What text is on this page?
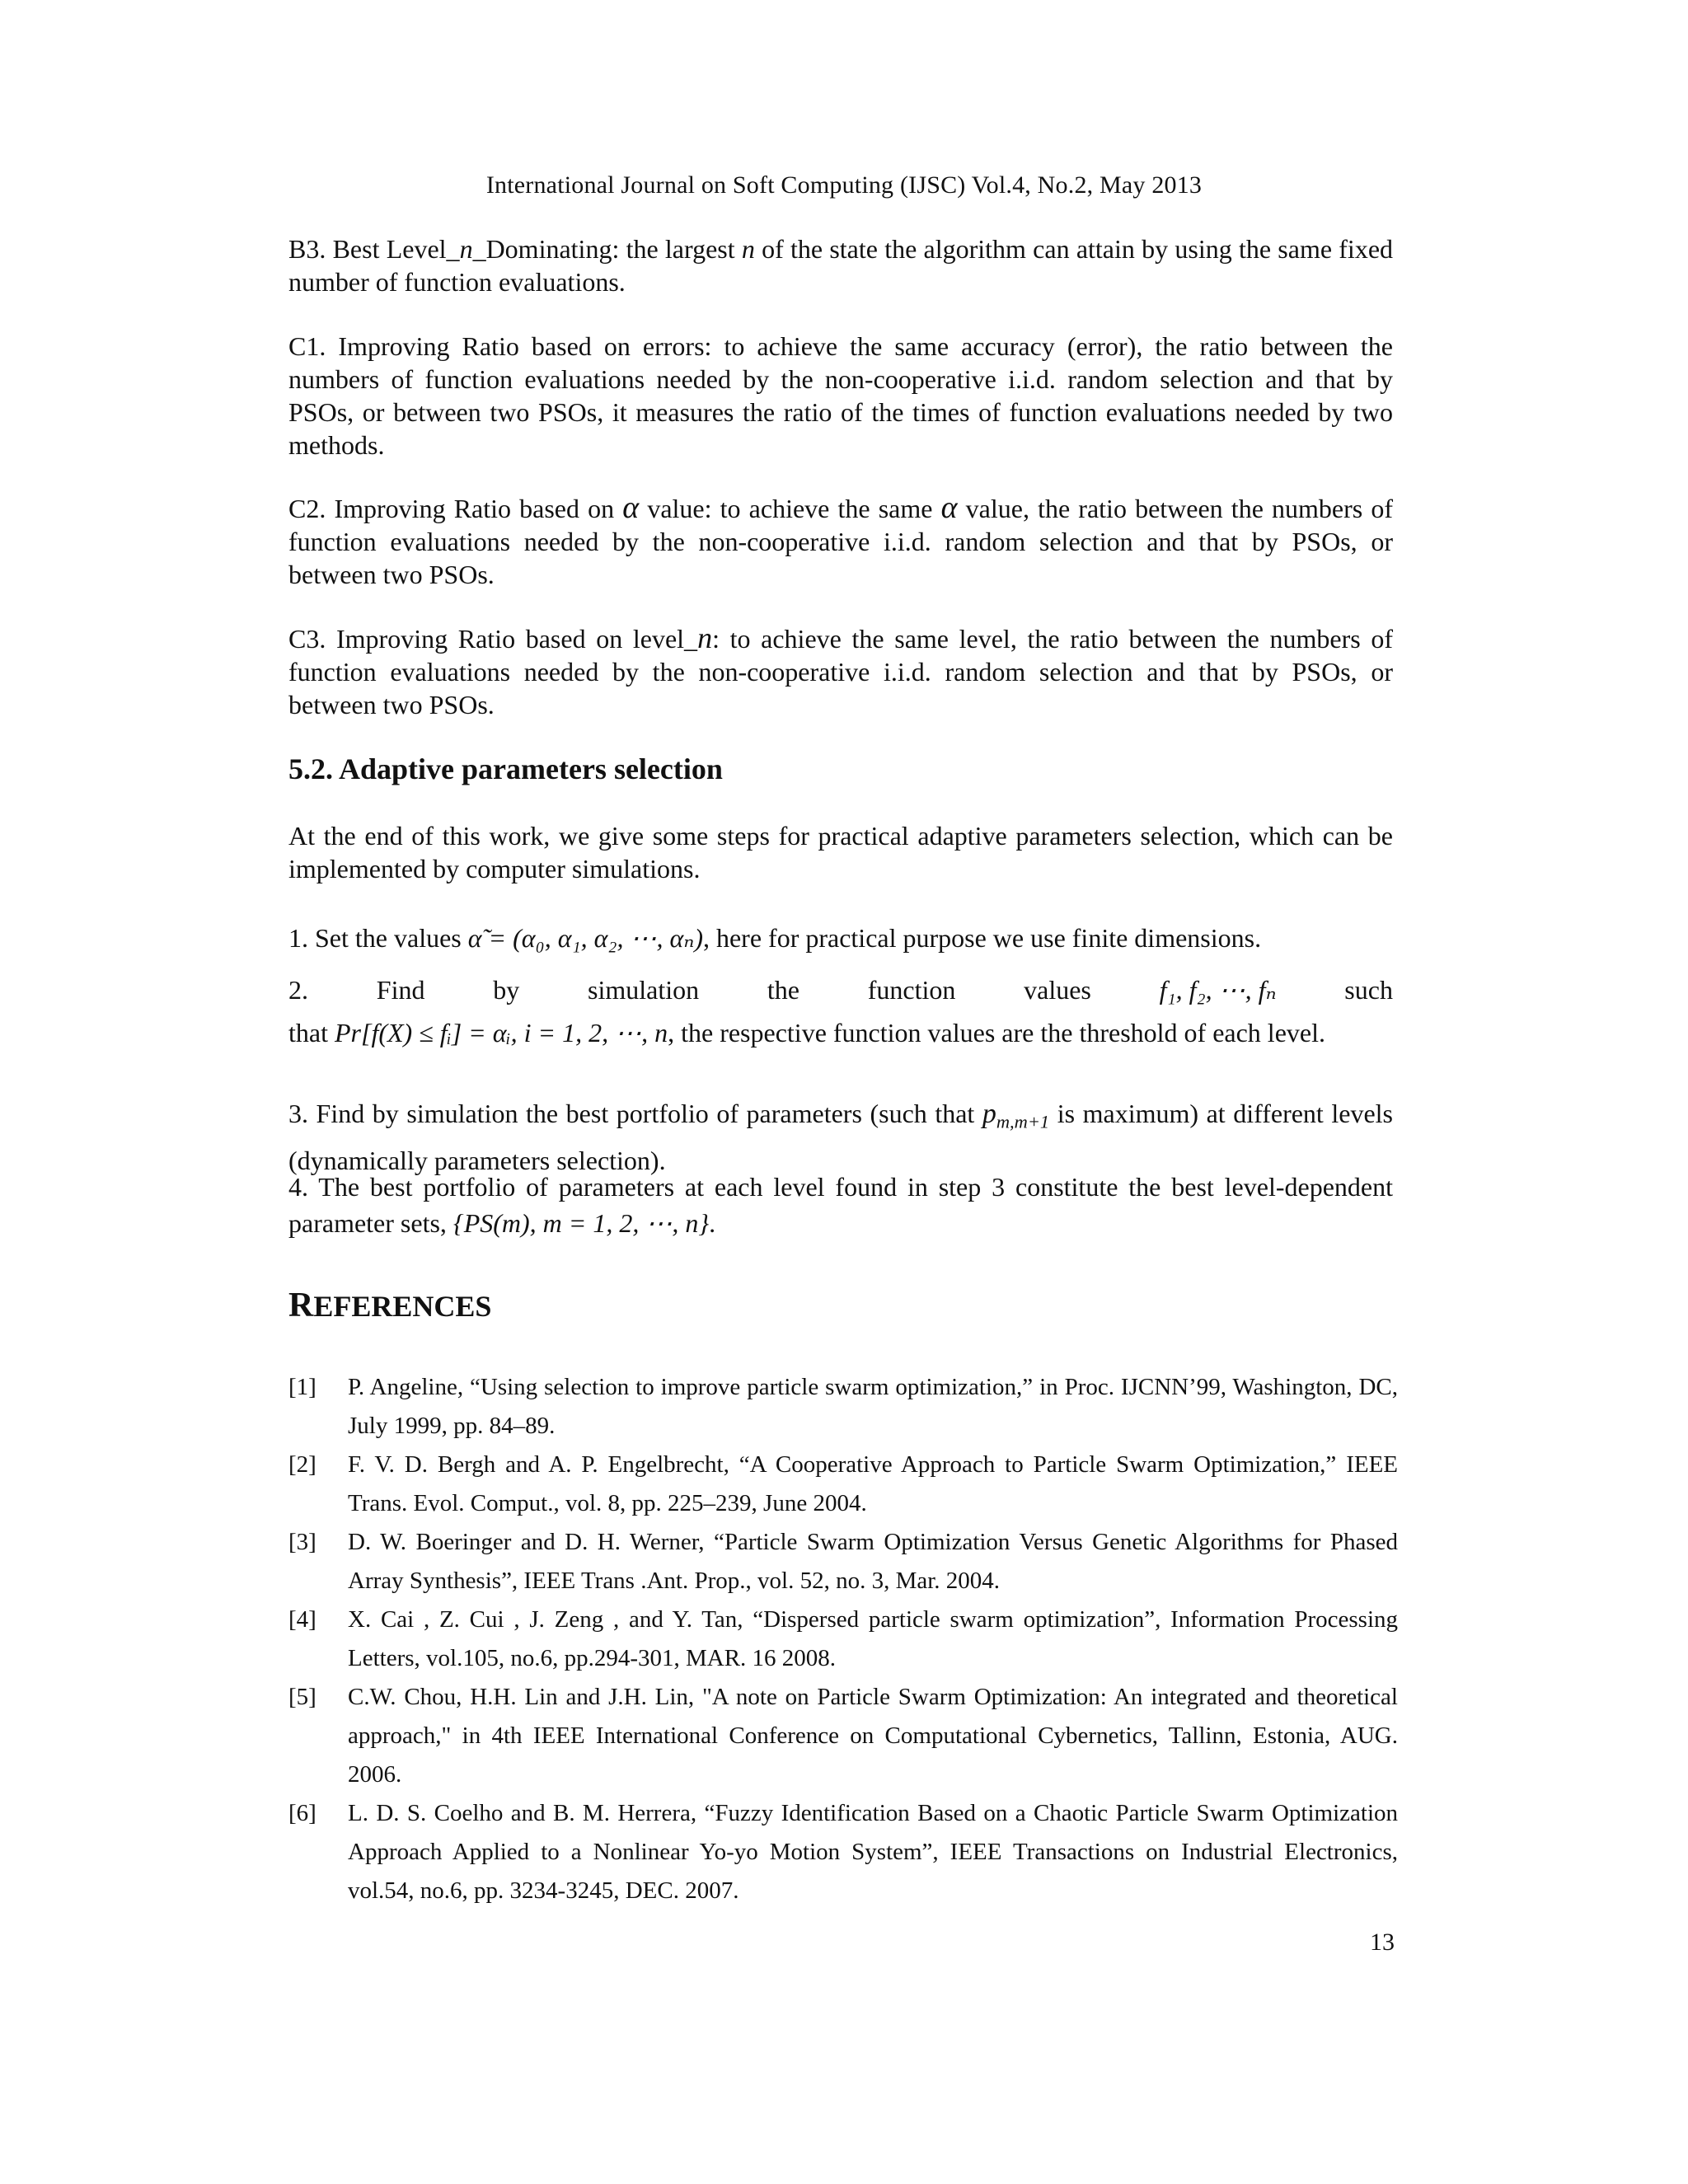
International Journal on Soft Computing (IJSC) Vol.4, No.2, May 2013
B3. Best Level_n_Dominating: the largest n of the state the algorithm can attain by using the same fixed number of function evaluations.
C1. Improving Ratio based on errors: to achieve the same accuracy (error), the ratio between the numbers of function evaluations needed by the non-cooperative i.i.d. random selection and that by PSOs, or between two PSOs, it measures the ratio of the times of function evaluations needed by two methods.
C2. Improving Ratio based on α value: to achieve the same α value, the ratio between the numbers of function evaluations needed by the non-cooperative i.i.d. random selection and that by PSOs, or between two PSOs.
C3. Improving Ratio based on level_n: to achieve the same level, the ratio between the numbers of function evaluations needed by the non-cooperative i.i.d. random selection and that by PSOs, or between two PSOs.
5.2. Adaptive parameters selection
At the end of this work, we give some steps for practical adaptive parameters selection, which can be implemented by computer simulations.
1. Set the values α̃ = (α₀, α₁, α₂, ⋯, αₙ), here for practical purpose we use finite dimensions.
2.	Find	by	simulation	the	function	values	f₁, f₂, ⋯, fₙ	such
that Pr[f(X) ≤ fᵢ] = αᵢ, i = 1, 2, ⋯, n, the respective function values are the threshold of each level.
3. Find by simulation the best portfolio of parameters (such that $p_{m,m+1}$ is maximum) at different levels (dynamically parameters selection).
4. The best portfolio of parameters at each level found in step 3 constitute the best level-dependent parameter sets, {PS(m), m = 1, 2, ⋯, n}.
REFERENCES
[1]	P. Angeline, “Using selection to improve particle swarm optimization,” in Proc. IJCNN’99, Washington, DC, July 1999, pp. 84–89.
[2]	F. V. D. Bergh and A. P. Engelbrecht, “A Cooperative Approach to Particle Swarm Optimization,” IEEE Trans. Evol. Comput., vol. 8, pp. 225–239, June 2004.
[3]	D. W. Boeringer and D. H. Werner, “Particle Swarm Optimization Versus Genetic Algorithms for Phased Array Synthesis”, IEEE Trans .Ant. Prop., vol. 52, no. 3, Mar. 2004.
[4]	X. Cai , Z. Cui , J. Zeng , and Y. Tan, “Dispersed particle swarm optimization”, Information Processing Letters, vol.105, no.6, pp.294-301, MAR. 16 2008.
[5]	C.W. Chou, H.H. Lin and J.H. Lin, "A note on Particle Swarm Optimization: An integrated and theoretical approach," in 4th IEEE International Conference on Computational Cybernetics, Tallinn, Estonia, AUG. 2006.
[6]	L. D. S. Coelho and B. M. Herrera, “Fuzzy Identification Based on a Chaotic Particle Swarm Optimization Approach Applied to a Nonlinear Yo-yo Motion System”, IEEE Transactions on Industrial Electronics, vol.54, no.6, pp. 3234-3245, DEC. 2007.
13
